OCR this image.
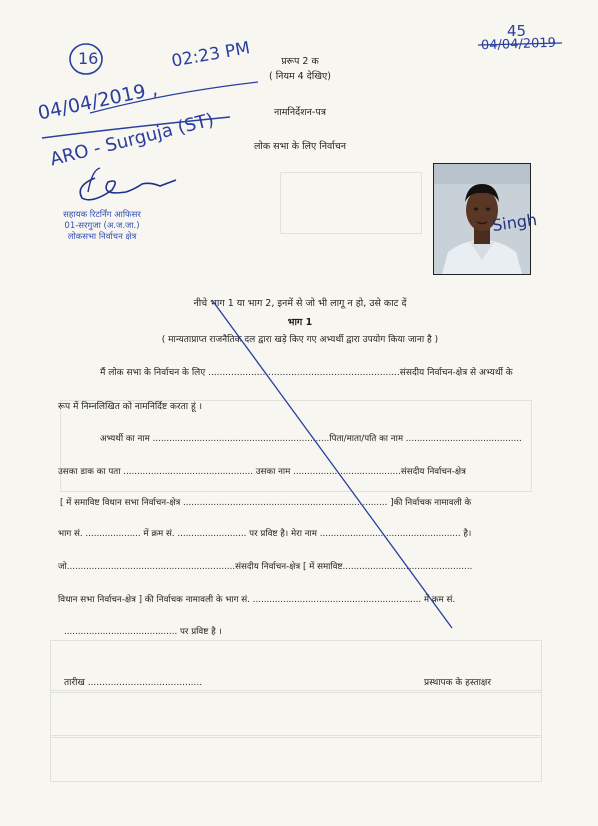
प्ररूप 2 क
( नियम 4 देखिए)
नामनिर्देशन-पत्र
लोक सभा के लिए निर्वाचन
नीचे भाग 1 या भाग 2, इनमें से जो भी लागू न हो, उसे काट दें
भाग 1
( मान्यताप्राप्त राजनैतिक दल द्वारा खड़े किए गए अभ्यर्थी द्वारा उपयोग किया जाना है )
मैं लोक सभा के निर्वाचन के लिए ...................................................................संसदीय निर्वाचन-क्षेत्र से अभ्यर्थी के
रूप में निम्नलिखित को नामनिर्दिष्ट करता हूं ।
अभ्यर्थी का नाम ................................................................पिता/माता/पति का नाम ..........................................
उसका डाक का पता ............................................... उसका नाम .......................................संसदीय निर्वाचन-क्षेत्र
[ में समाविष्ट विधान सभा निर्वाचन-क्षेत्र .......................................................................... ]की निर्वाचक नामावली के
भाग सं. .................... में क्रम सं. ......................... पर प्रविष्ट है। मेरा नाम ................................................... है।
जो.............................................................संसदीय निर्वाचन-क्षेत्र [ में समाविष्ट...............................................
विधान सभा निर्वाचन-क्षेत्र ] की निर्वाचक नामावली के भाग सं. ............................................................. में क्रम सं.
......................................... पर प्रविष्ट है ।
तारीख ........................................	प्रस्थापक के हस्ताक्षर
सहायक रिटर्निंग आफिसर
01-सरगुजा (अ.ज.जा.)
लोकसभा निर्वाचन क्षेत्र
16
45
04/04/2019
02:23 PM
04/04/2019 ,
ARO - Surguja (ST)
Singh
